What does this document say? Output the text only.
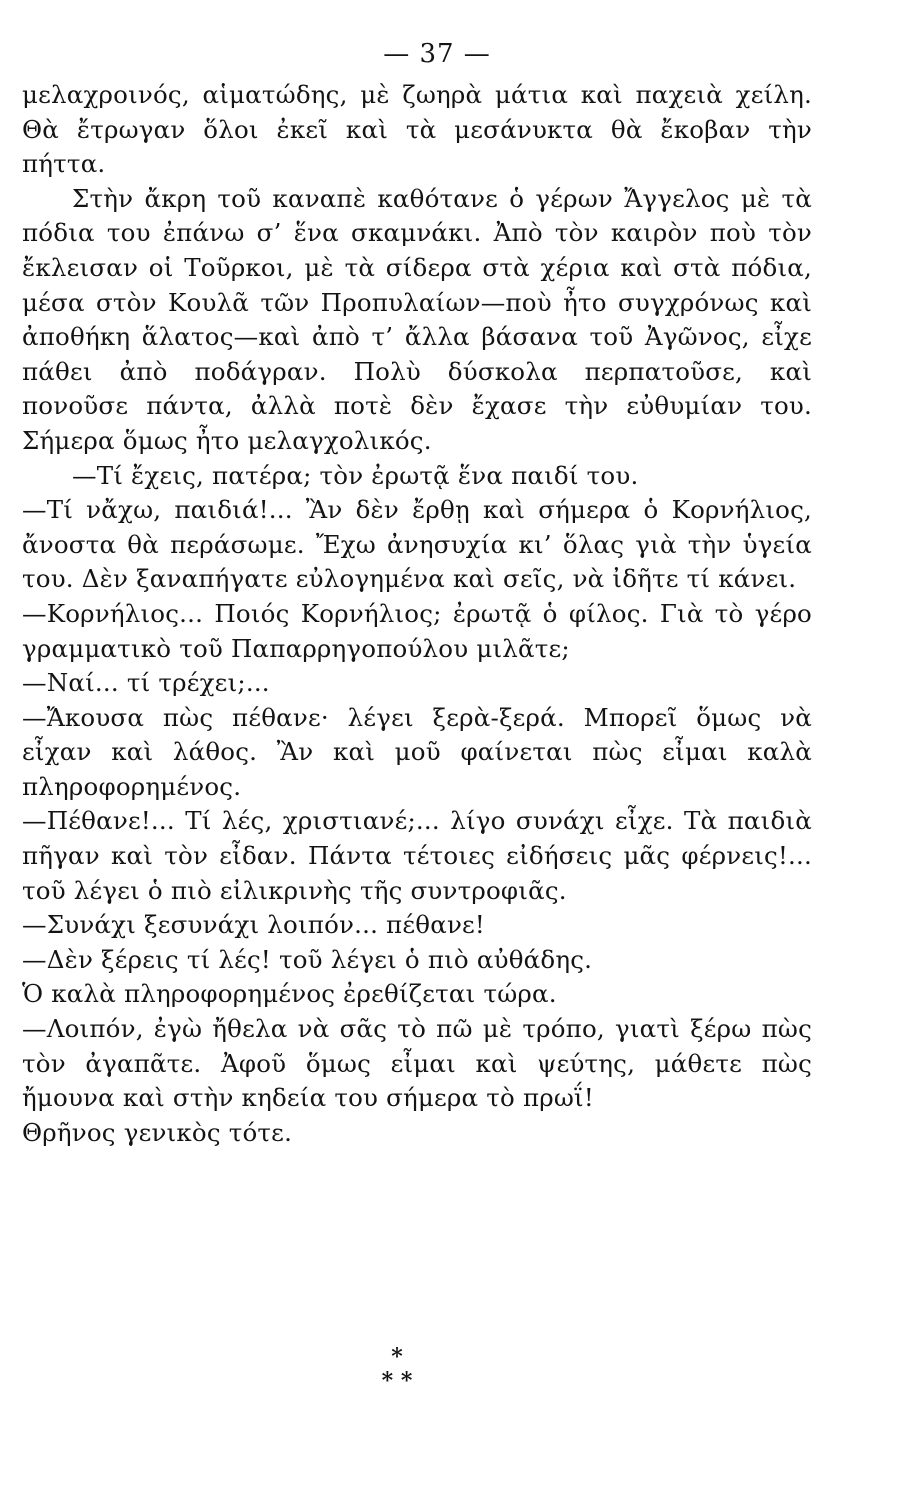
— 37 —

μελαχροινός, αἱματώδης, μὲ ζωηρὰ μάτια καὶ παχειὰ χείλη. Θὰ ἔτρωγαν ὅλοι ἐκεῖ καὶ τὰ μεσάνυκτα θὰ ἔκοβαν τὴν πήττα.

Στὴν ἄκρη τοῦ καναπὲ καθότανε ὁ γέρων Ἄγγελος μὲ τὰ πόδια του ἐπάνω σ’ ἕνα σκαμνάκι. Ἀπὸ τὸν καιρὸν ποὺ τὸν ἔκλεισαν οἱ Τοῦρκοι, μὲ τὰ σίδερα στὰ χέρια καὶ στὰ πόδια, μέσα στὸν Κουλᾶ τῶν Προπυλαίων—ποὺ ἦτο συγχρόνως καὶ ἀποθήκη ἅλατος—καὶ ἀπὸ τ’ ἄλλα βάσανα τοῦ Ἀγῶνος, εἶχε πάθει ἀπὸ ποδάγραν. Πολὺ δύσκολα περπατοῦσε, καὶ πονοῦσε πάντα, ἀλλὰ ποτὲ δὲν ἔχασε τὴν εὐθυμίαν του. Σήμερα ὅμως ἦτο μελαγχολικός.

—Τί ἔχεις, πατέρα; τὸν ἐρωτᾷ ἕνα παιδί του.

—Τί νἄχω, παιδιά!... Ἂν δὲν ἔρθῃ καὶ σήμερα ὁ Κορνήλιος, ἄνοστα θὰ περάσωμε. Ἔχω ἀνησυχία κι’ ὅλας γιὰ τὴν ὑγεία του. Δὲν ξαναπήγατε εὐλογημένα καὶ σεῖς, νὰ ἰδῆτε τί κάνει.

—Κορνήλιος... Ποιός Κορνήλιος; ἐρωτᾷ ὁ φίλος. Γιὰ τὸ γέρο γραμματικὸ τοῦ Παπαρρηγοπούλου μιλᾶτε;

—Ναί... τί τρέχει;...

—Ἄκουσα πὼς πέθανε· λέγει ξερὰ-ξερά. Μπορεῖ ὅμως νὰ εἶχαν καὶ λάθος. Ἂν καὶ μοῦ φαίνεται πὼς εἶμαι καλὰ πληροφορημένος.

—Πέθανε!... Τί λές, χριστιανέ;... λίγο συνάχι εἶχε. Τὰ παιδιὰ πῆγαν καὶ τὸν εἶδαν. Πάντα τέτοιες εἰδήσεις μᾶς φέρνεις!... τοῦ λέγει ὁ πιὸ εἰλικρινὴς τῆς συντροφιᾶς.

—Συνάχι ξεσυνάχι λοιπόν... πέθανε!

—Δὲν ξέρεις τί λές! τοῦ λέγει ὁ πιὸ αὐθάδης.

Ὁ καλὰ πληροφορημένος ἐρεθίζεται τώρα.

—Λοιπόν, ἐγὼ ἤθελα νὰ σᾶς τὸ πῶ μὲ τρόπο, γιατὶ ξέρω πὼς τὸν ἀγαπᾶτε. Ἀφοῦ ὅμως εἶμαι καὶ ψεύτης, μάθετε πὼς ἤμουνα καὶ στὴν κηδεία του σήμερα τὸ πρωΐ!

Θρῆνος γενικὸς τότε.

*
* *
